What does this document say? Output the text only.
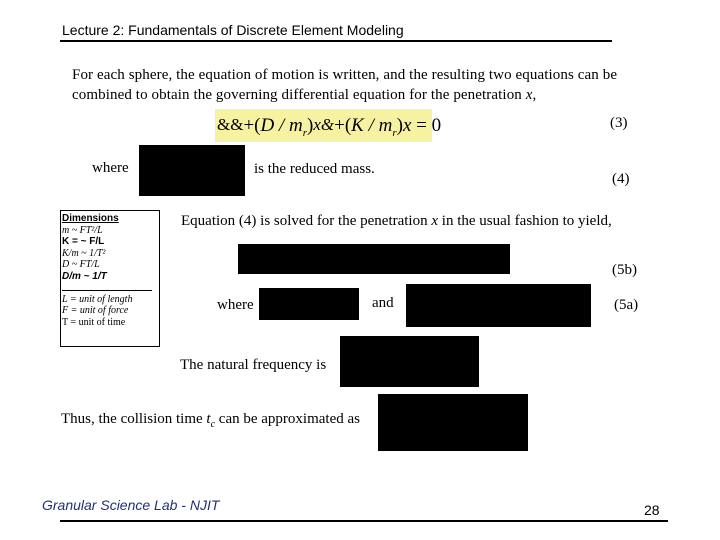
Lecture 2: Fundamentals of Discrete Element Modeling
For each sphere, the equation of motion is written, and the resulting two equations can be
combined to obtain the governing differential equation for the penetration x,
&&
$+(D / m_r)x\&+(K / m_r)x = 0$	(3)
where	is the reduced mass.
(4)
Dimensions
m ~ FT²/L
K = ~ F/L
K/m ~ 1/T²
D ~ FT/L
D/m ~ 1/T
L = unit of length
F = unit of force
T = unit of time
Equation (4) is solved for the penetration x in the usual fashion to yield,
(5b)
where	and	(5a)
The natural frequency is
Thus, the collision time $t_c$ can be approximated as
Granular Science Lab - NJIT	28
